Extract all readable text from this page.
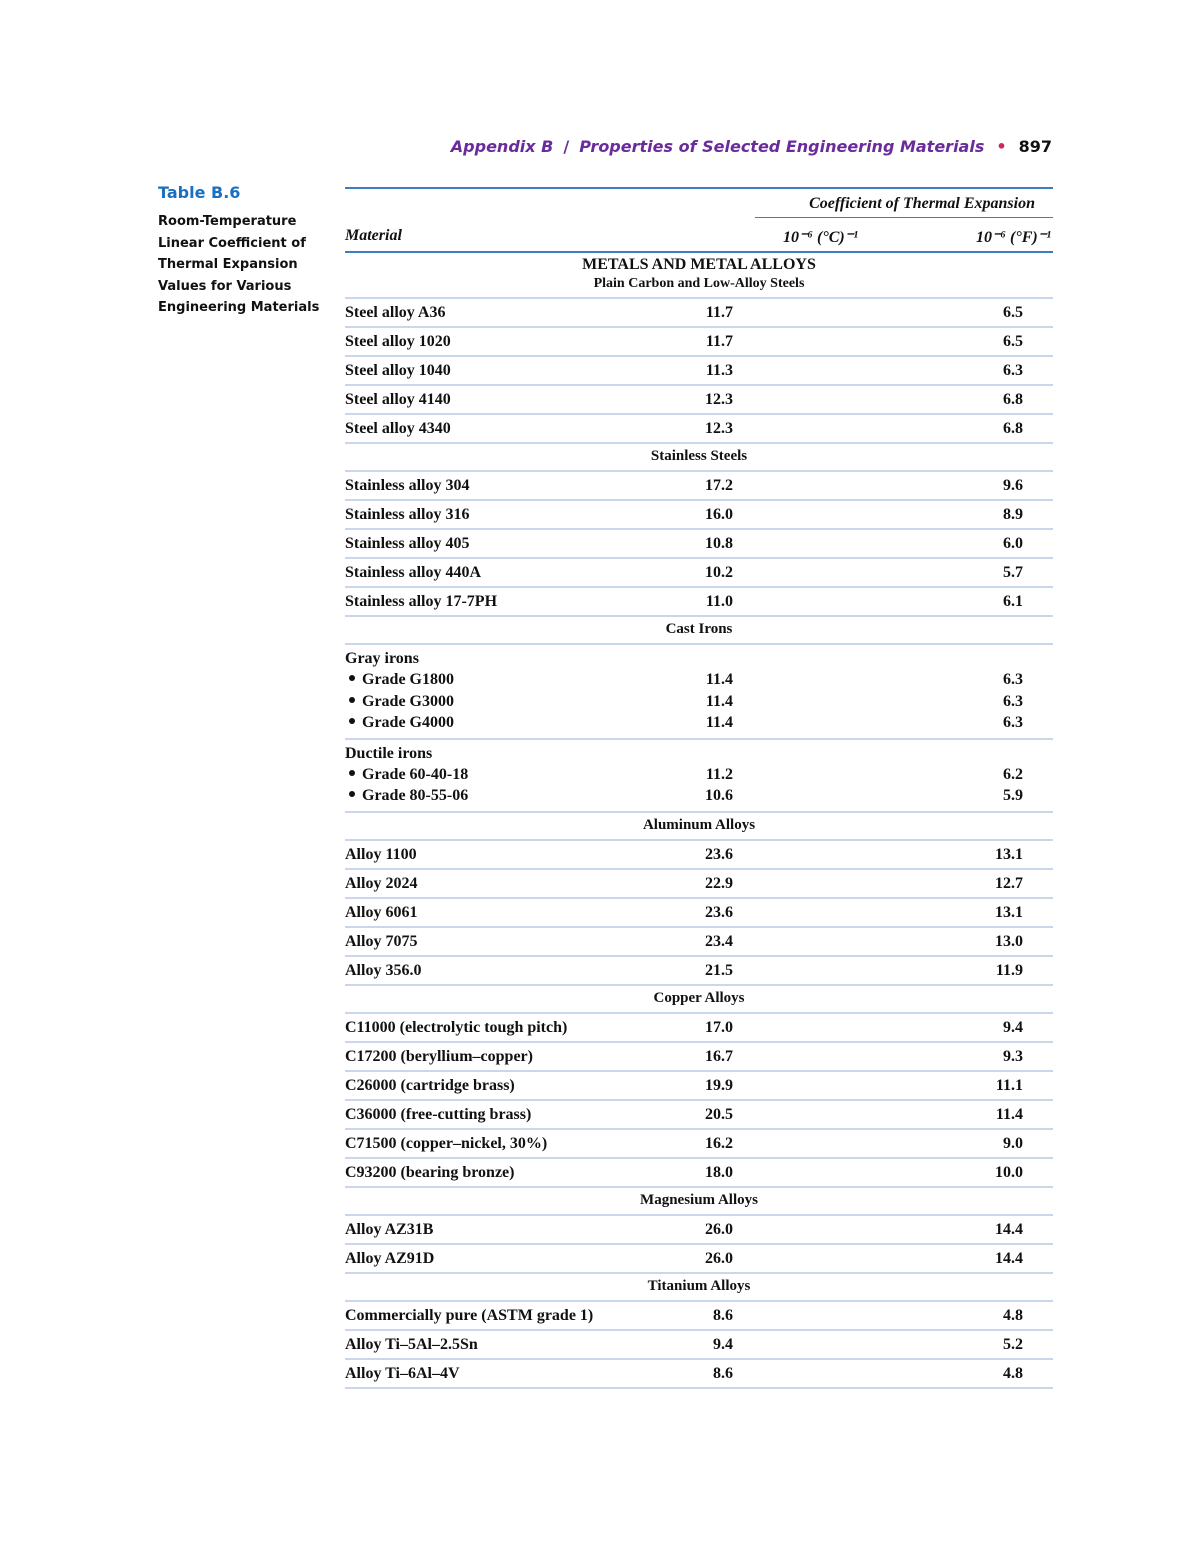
Appendix B / Properties of Selected Engineering Materials • 897
Table B.6
Room-Temperature
Linear Coefficient of
Thermal Expansion
Values for Various
Engineering Materials
Coefficient of Thermal Expansion
Material	10⁻⁶ (°C)⁻¹	10⁻⁶ (°F)⁻¹
METALS AND METAL ALLOYS
Plain Carbon and Low-Alloy Steels
Steel alloy A36	11.7	6.5
Steel alloy 1020	11.7	6.5
Steel alloy 1040	11.3	6.3
Steel alloy 4140	12.3	6.8
Steel alloy 4340	12.3	6.8
Stainless Steels
Stainless alloy 304	17.2	9.6
Stainless alloy 316	16.0	8.9
Stainless alloy 405	10.8	6.0
Stainless alloy 440A	10.2	5.7
Stainless alloy 17-7PH	11.0	6.1
Cast Irons
Gray irons
Grade G1800	11.4	6.3
Grade G3000	11.4	6.3
Grade G4000	11.4	6.3
Ductile irons
Grade 60-40-18	11.2	6.2
Grade 80-55-06	10.6	5.9
Aluminum Alloys
Alloy 1100	23.6	13.1
Alloy 2024	22.9	12.7
Alloy 6061	23.6	13.1
Alloy 7075	23.4	13.0
Alloy 356.0	21.5	11.9
Copper Alloys
C11000 (electrolytic tough pitch)	17.0	9.4
C17200 (beryllium–copper)	16.7	9.3
C26000 (cartridge brass)	19.9	11.1
C36000 (free-cutting brass)	20.5	11.4
C71500 (copper–nickel, 30%)	16.2	9.0
C93200 (bearing bronze)	18.0	10.0
Magnesium Alloys
Alloy AZ31B	26.0	14.4
Alloy AZ91D	26.0	14.4
Titanium Alloys
Commercially pure (ASTM grade 1)	8.6	4.8
Alloy Ti–5Al–2.5Sn	9.4	5.2
Alloy Ti–6Al–4V	8.6	4.8
